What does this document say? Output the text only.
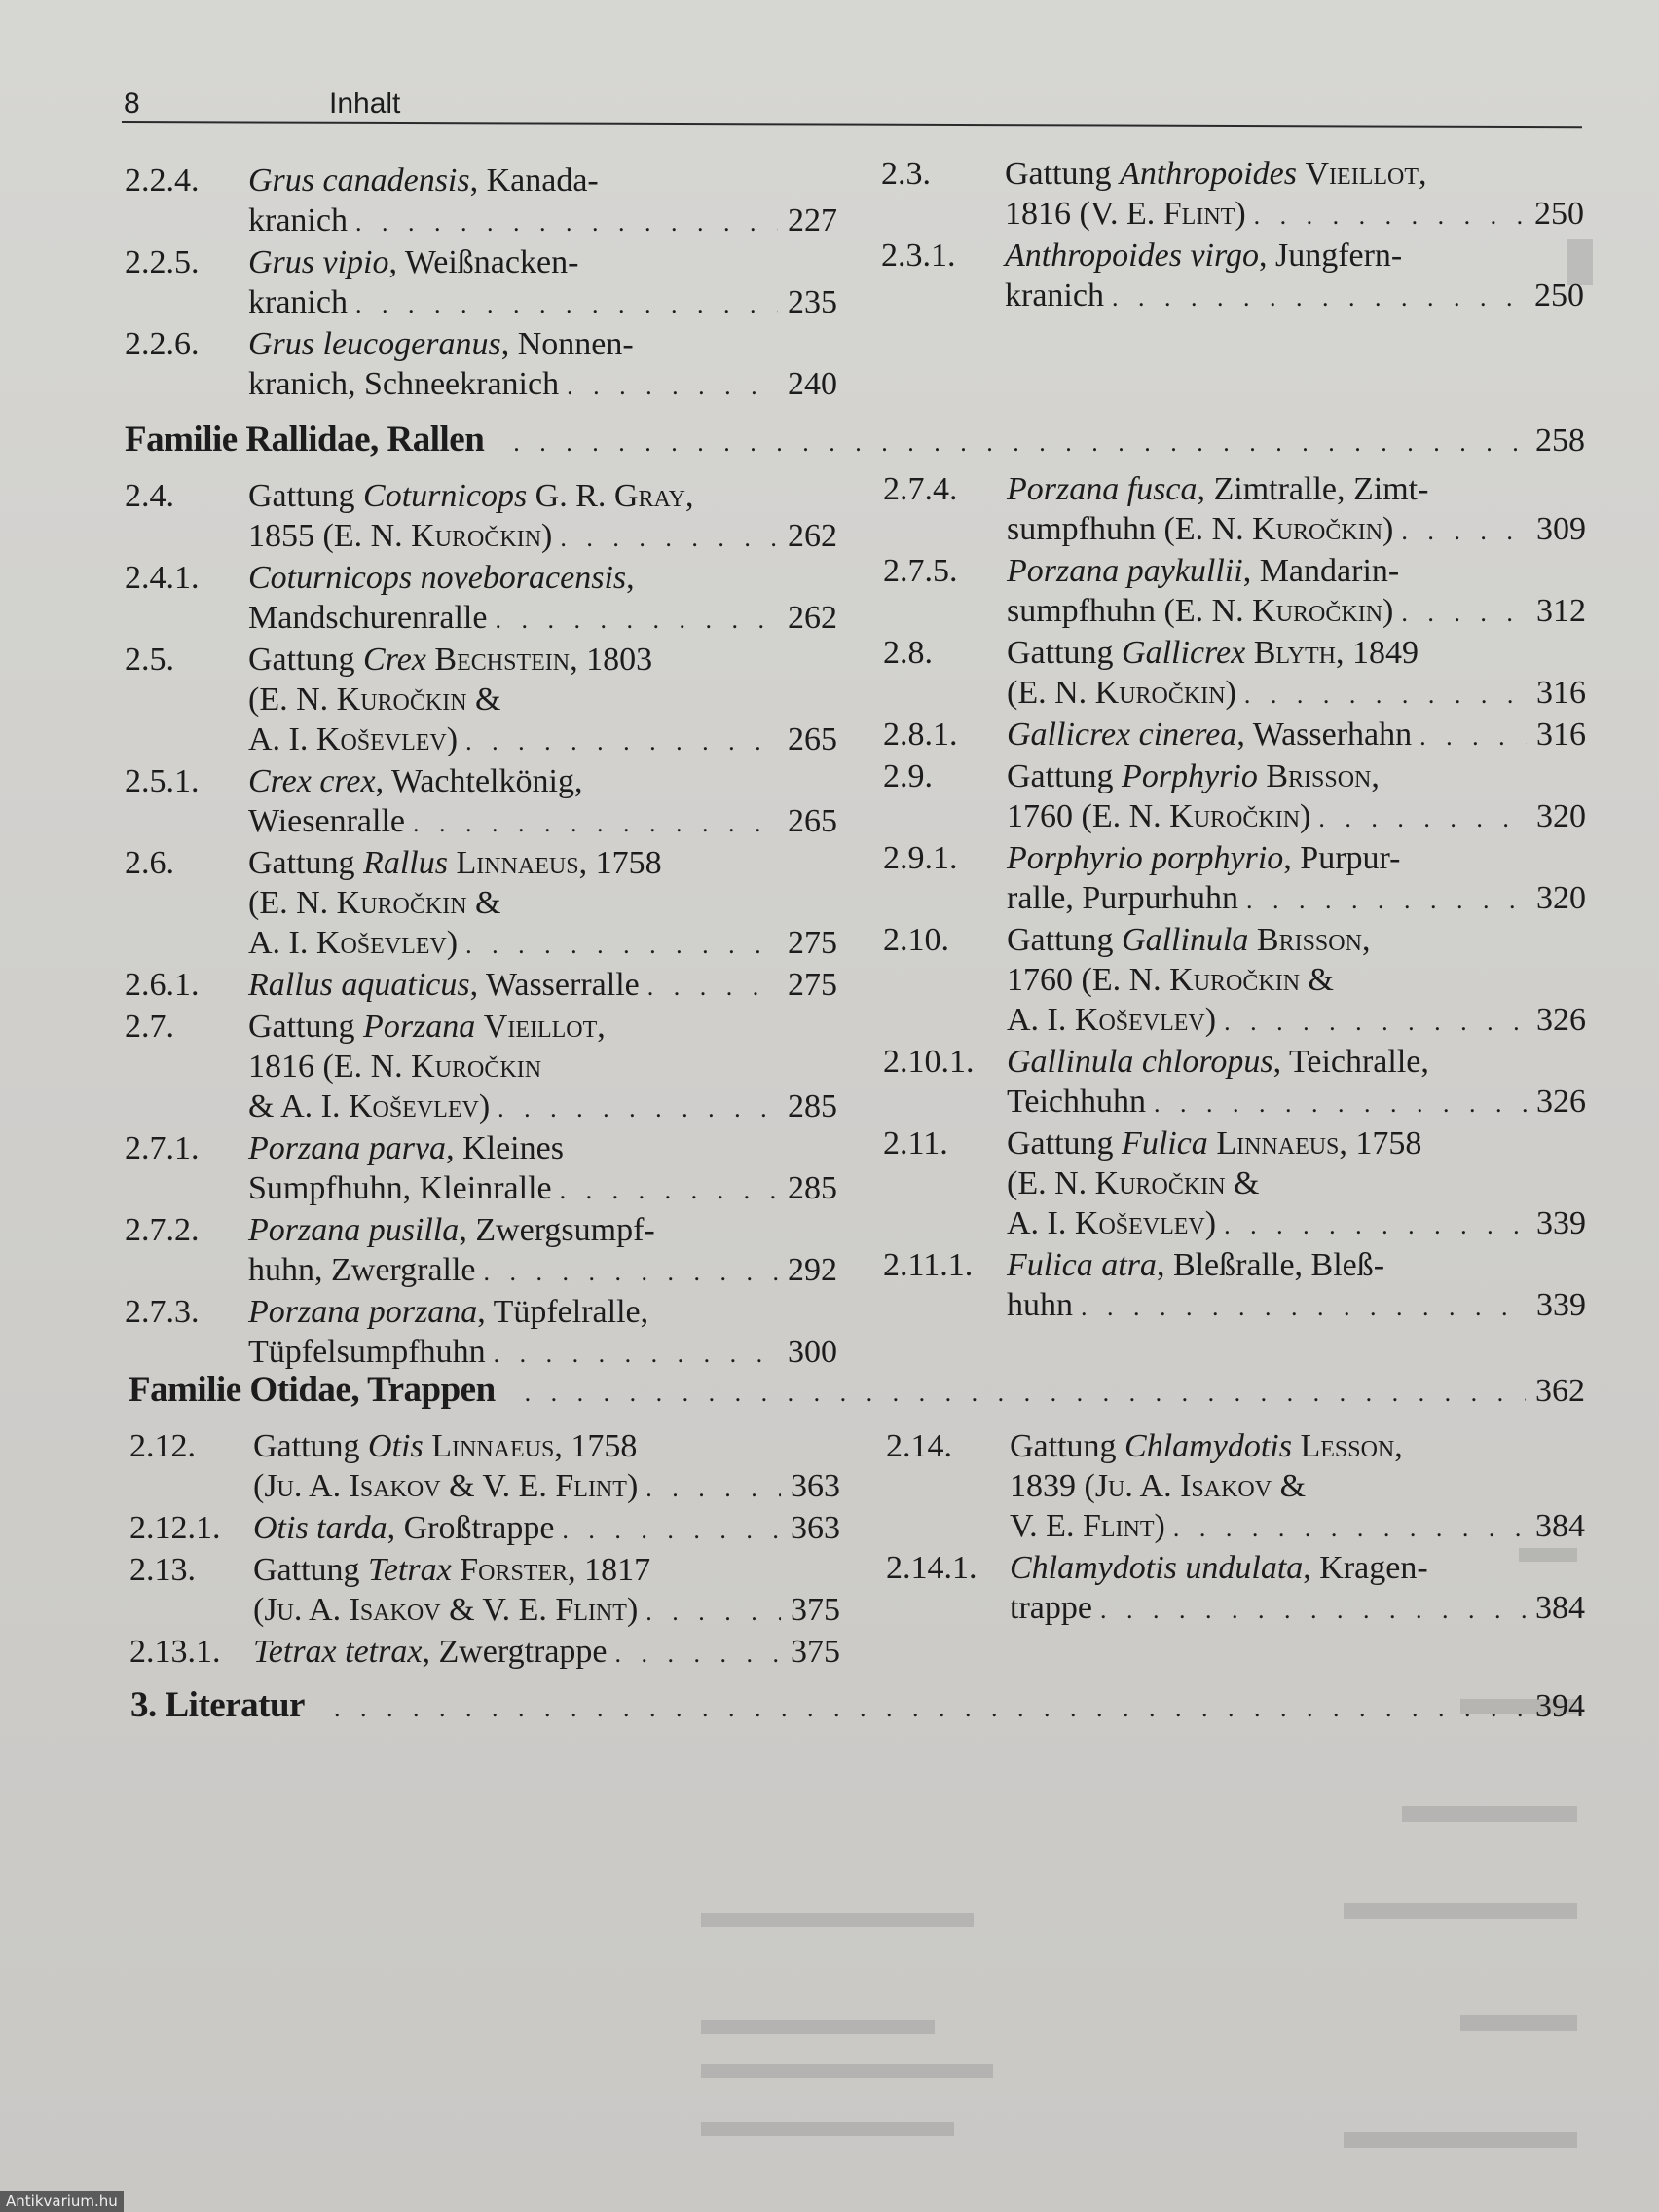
8	Inhalt
2.2.4. Grus canadensis, Kanada-
kranich . . .	227
2.2.5. Grus vipio, Weißnacken-
kranich . . .	235
2.2.6. Grus leucogeranus, Nonnen-
kranich, Schneekranich . . .	240
2.3. Gattung Anthropoides Vieillot,
1816 (V. E. Flint) . . .	250
2.3.1. Anthropoides virgo, Jungfern-
kranich . . .	250
Familie Rallidae, Rallen . . .	258
2.4. Gattung Coturnicops G. R. Gray,
1855 (E. N. Kuročkin) . . .	262
2.4.1. Coturnicops noveboracensis,
Mandschurenralle . . .	262
2.5. Gattung Crex Bechstein, 1803
(E. N. Kuročkin &
A. I. Koševlev) . . .	265
2.5.1. Crex crex, Wachtelkönig,
Wiesenralle . . .	265
2.6. Gattung Rallus Linnaeus, 1758
(E. N. Kuročkin &
A. I. Koševlev) . . .	275
2.6.1. Rallus aquaticus, Wasserralle . . .	275
2.7. Gattung Porzana Vieillot,
1816 (E. N. Kuročkin
& A. I. Koševlev) . . .	285
2.7.1. Porzana parva, Kleines
Sumpfhuhn, Kleinralle . . .	285
2.7.2. Porzana pusilla, Zwergsumpf-
huhn, Zwergralle . . .	292
2.7.3. Porzana porzana, Tüpfelralle,
Tüpfelsumpfhuhn . . .	300
2.7.4. Porzana fusca, Zimtralle, Zimt-
sumpfhuhn (E. N. Kuročkin) . . .	309
2.7.5. Porzana paykullii, Mandarin-
sumpfhuhn (E. N. Kuročkin) . . .	312
2.8. Gattung Gallicrex Blyth, 1849
(E. N. Kuročkin) . . .	316
2.8.1. Gallicrex cinerea, Wasserhahn . . .	316
2.9. Gattung Porphyrio Brisson,
1760 (E. N. Kuročkin) . . .	320
2.9.1. Porphyrio porphyrio, Purpur-
ralle, Purpurhuhn . . .	320
2.10. Gattung Gallinula Brisson,
1760 (E. N. Kuročkin &
A. I. Koševlev) . . .	326
2.10.1. Gallinula chloropus, Teichralle,
Teichhuhn . . .	326
2.11. Gattung Fulica Linnaeus, 1758
(E. N. Kuročkin &
A. I. Koševlev) . . .	339
2.11.1. Fulica atra, Bleßralle, Bleß-
huhn . . .	339
Familie Otidae, Trappen . . .	362
2.12. Gattung Otis Linnaeus, 1758
(Ju. A. Isakov & V. E. Flint) . . .	363
2.12.1. Otis tarda, Großtrappe . . .	363
2.13. Gattung Tetrax Forster, 1817
(Ju. A. Isakov & V. E. Flint) . . .	375
2.13.1. Tetrax tetrax, Zwergtrappe . . .	375
2.14. Gattung Chlamydotis Lesson,
1839 (Ju. A. Isakov &
V. E. Flint) . . .	384
2.14.1. Chlamydotis undulata, Kragen-
trappe . . .	384
3. Literatur . . .	394
Antikvarium.hu
